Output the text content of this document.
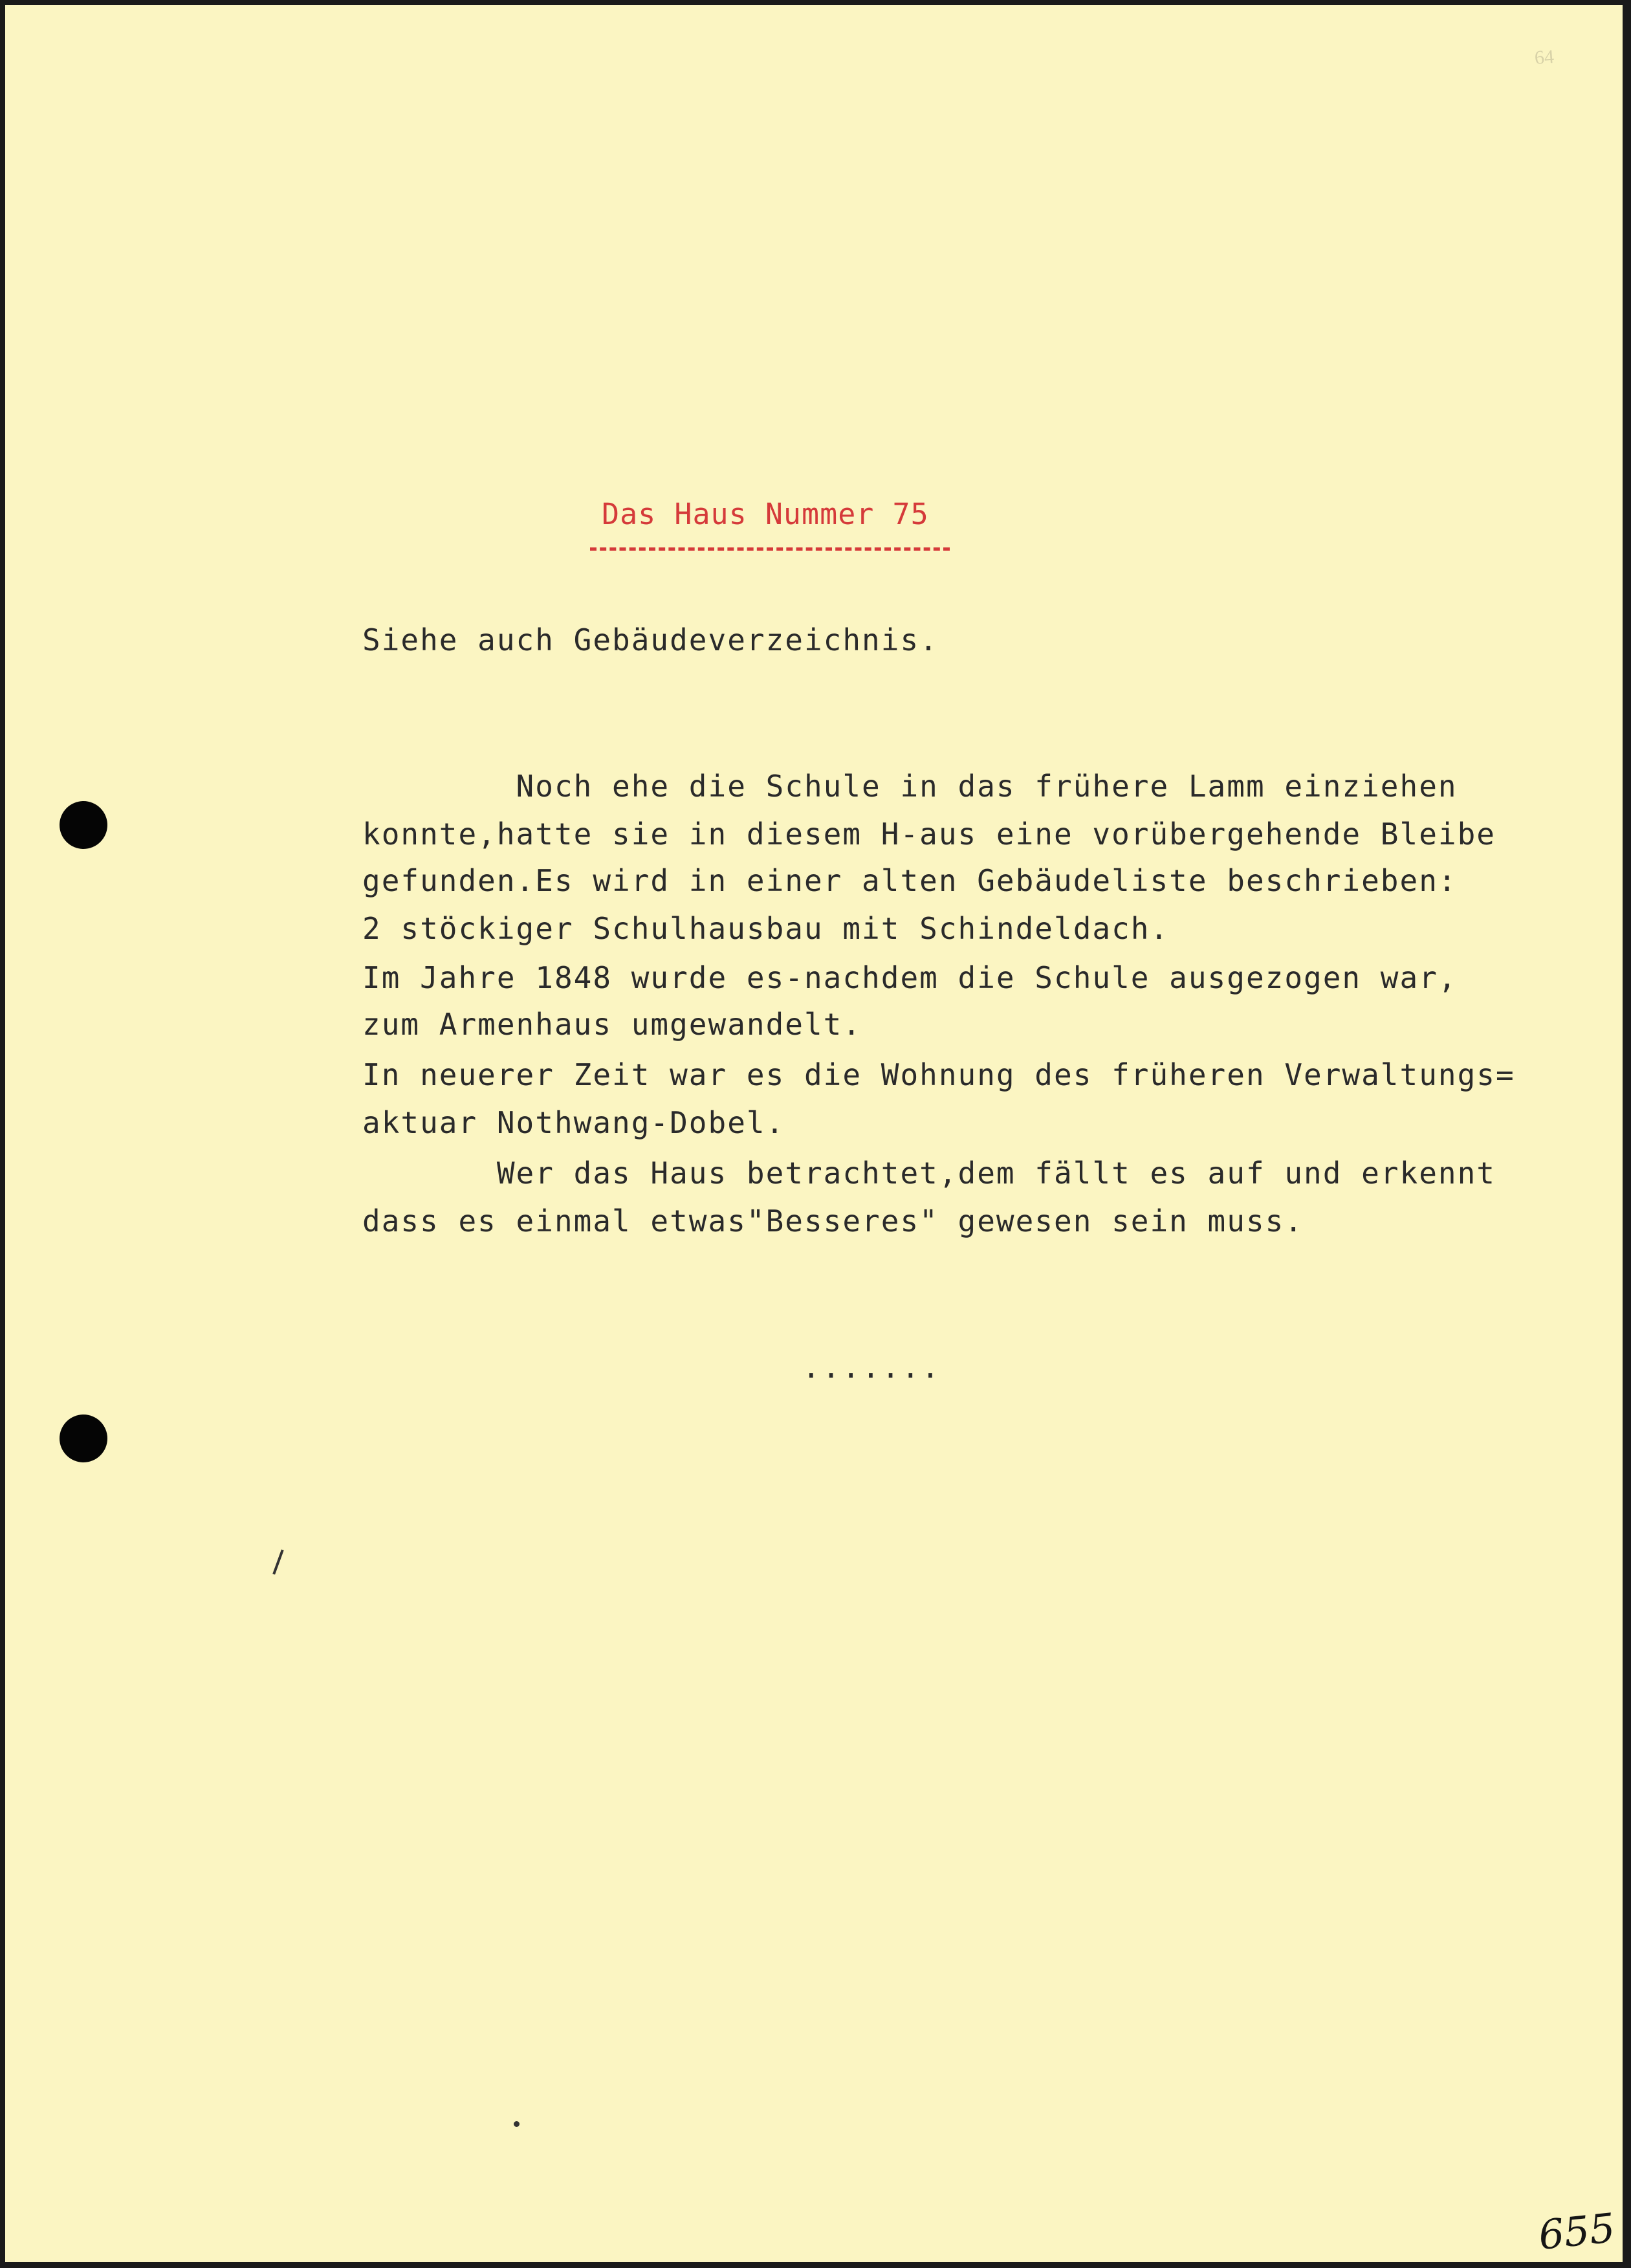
64
Das Haus Nummer 75
Siehe auch Gebäudeverzeichnis.
Noch ehe die Schule in das frühere Lamm einziehen
konnte,hatte sie in diesem H-aus eine vorübergehende Bleibe
gefunden.Es wird in einer alten Gebäudeliste beschrieben:
2 stöckiger Schulhausbau mit Schindeldach.
Im Jahre 1848 wurde es-nachdem die Schule ausgezogen war,
zum Armenhaus umgewandelt.
In neuerer Zeit war es die Wohnung des früheren Verwaltungs=
aktuar Nothwang-Dobel.
Wer das Haus betrachtet,dem fällt es auf und erkennt
dass es einmal etwas"Besseres" gewesen sein muss.
.......
655
